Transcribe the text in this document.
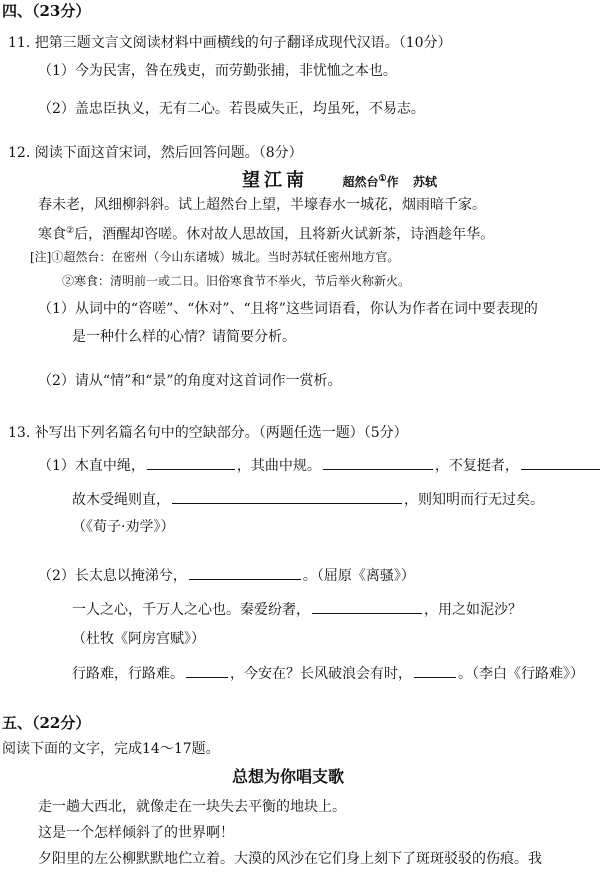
四、（23分）
11. 把第三题文言文阅读材料中画横线的句子翻译成现代汉语。（10分）
（1）今为民害，咎在残吏，而劳勤张捕，非忧恤之本也。
（2）盖忠臣执义，无有二心。若畏威失正，均虽死，不易志。
12. 阅读下面这首宋词，然后回答问题。（8分）
望江南	超然台①作 苏轼
春未老，风细柳斜斜。试上超然台上望，半壕春水一城花，烟雨暗千家。
寒食②后，酒醒却咨嗟。休对故人思故国，且将新火试新茶，诗酒趁年华。
[注]①超然台：在密州（今山东诸城）城北。当时苏轼任密州地方官。
②寒食：清明前一或二日。旧俗寒食节不举火，节后举火称新火。
（1）从词中的“咨嗟”、“休对”、“且将”这些词语看，你认为作者在词中要表现的
是一种什么样的心情？请简要分析。
（2）请从“情”和“景”的角度对这首词作一赏析。
13. 补写出下列名篇名句中的空缺部分。（两题任选一题）（5分）
（1）木直中绳，	，其曲中规。	，不复挺者，
故木受绳则直，	，则知明而行无过矣。
（《荀子·劝学》）
（2）长太息以掩涕兮，	。（屈原《离骚》）
一人之心，千万人之心也。秦爱纷奢，	，用之如泥沙？
（杜牧《阿房宫赋》）
行路难，行路难。	，今安在？长风破浪会有时，	。（李白《行路难》）
五、（22分）
阅读下面的文字，完成14～17题。
总想为你唱支歌
走一趟大西北，就像走在一块失去平衡的地块上。
这是一个怎样倾斜了的世界啊！
夕阳里的左公柳默默地伫立着。大漠的风沙在它们身上刻下了斑斑驳驳的伤痕。我
